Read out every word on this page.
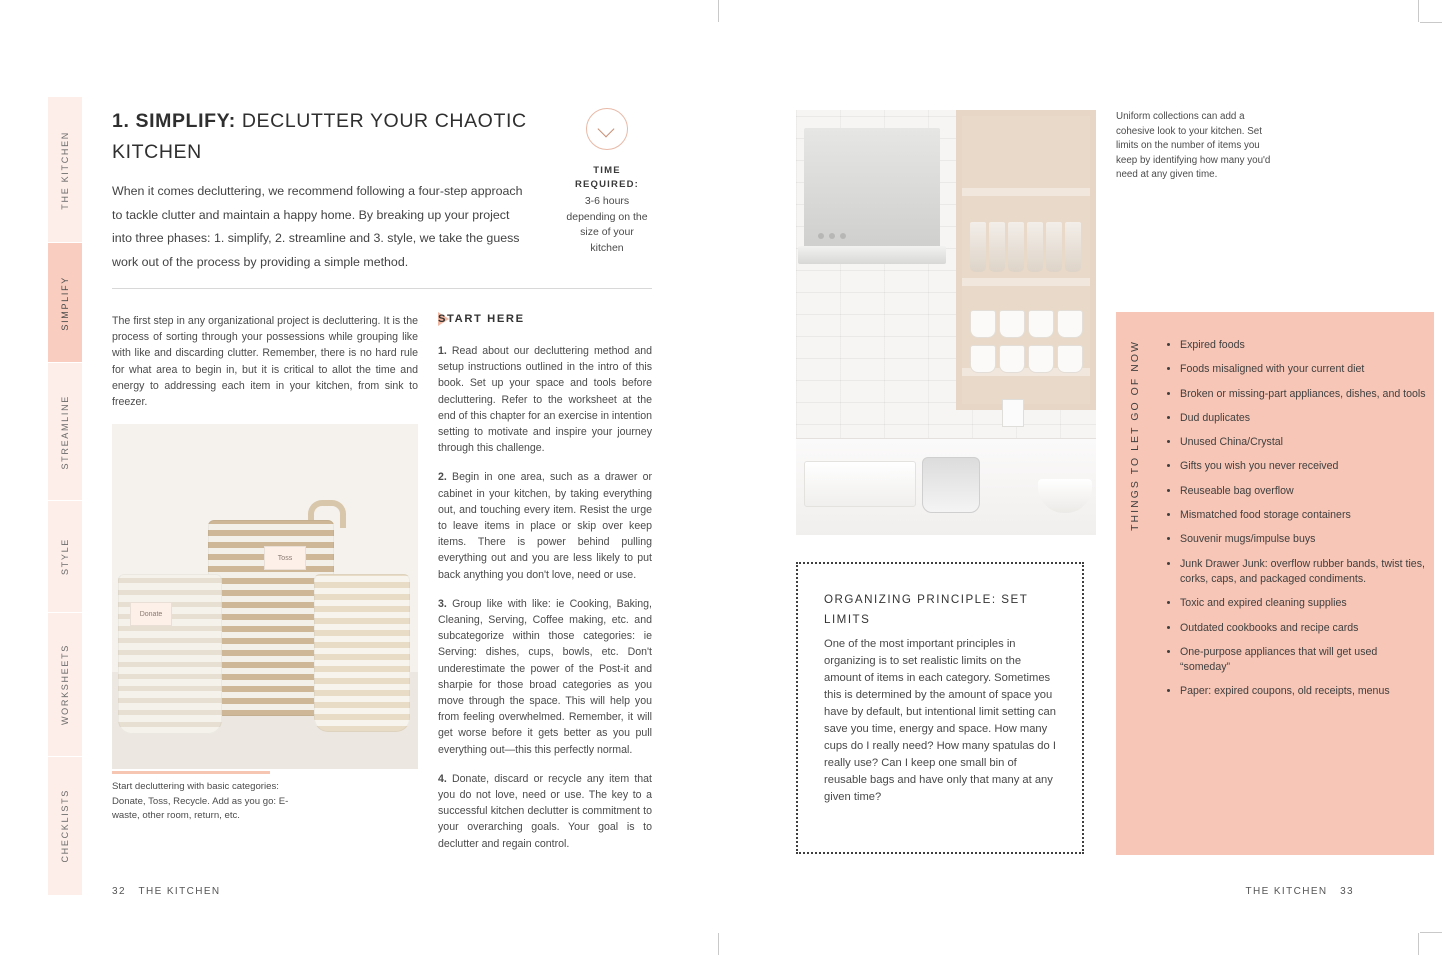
THE KITCHEN
SIMPLIFY
STREAMLINE
STYLE
WORKSHEETS
CHECKLISTS
1. SIMPLIFY: DECLUTTER YOUR CHAOTIC KITCHEN
TIME REQUIRED:
3-6 hours depending on the size of your kitchen
When it comes decluttering, we recommend following a four-step approach to tackle clutter and maintain a happy home. By breaking up your project into three phases: 1. simplify, 2. streamline and 3. style, we take the guess work out of the process by providing a simple method.
The first step in any organizational project is decluttering. It is the process of sorting through your possessions while grouping like with like and discarding clutter. Remember, there is no hard rule for what area to begin in, but it is critical to allot the time and energy to addressing each item in your kitchen, from sink to freezer.
Toss
Donate
Start decluttering with basic categories: Donate, Toss, Recycle. Add as you go: E-waste, other room, return, etc.
START HERE

1. Read about our decluttering method and setup instructions outlined in the intro of this book. Set up your space and tools before decluttering. Refer to the worksheet at the end of this chapter for an exercise in intention setting to motivate and inspire your journey through this challenge.

2. Begin in one area, such as a drawer or cabinet in your kitchen, by taking everything out, and touching every item. Resist the urge to leave items in place or skip over keep items. There is power behind pulling everything out and you are less likely to put back anything you don't love, need or use.

3. Group like with like: ie Cooking, Baking, Cleaning, Serving, Coffee making, etc. and subcategorize within those categories: ie Serving: dishes, cups, bowls, etc. Don't underestimate the power of the Post-it and sharpie for those broad categories as you move through the space. This will help you from feeling overwhelmed. Remember, it will get worse before it gets better as you pull everything out—this this perfectly normal.

4. Donate, discard or recycle any item that you do not love, need or use. The key to a successful kitchen declutter is commitment to your overarching goals. Your goal is to declutter and regain control.

32 THE KITCHEN
Uniform collections can add a cohesive look to your kitchen. Set limits on the number of items you keep by identifying how many you'd need at any given time.
THINGS TO LET GO OF NOW	• Expired foods
• Foods misaligned with your current diet
• Broken or missing-part appliances, dishes, and tools
• Dud duplicates
• Unused China/Crystal
• Gifts you wish you never received
• Reuseable bag overflow
• Mismatched food storage containers
• Souvenir mugs/impulse buys
• Junk Drawer Junk: overflow rubber bands, twist ties, corks, caps, and packaged condiments.
• Toxic and expired cleaning supplies
• Outdated cookbooks and recipe cards
• One-purpose appliances that will get used “someday”
• Paper: expired coupons, old receipts, menus
ORGANIZING PRINCIPLE: SET LIMITS
One of the most important principles in organizing is to set realistic limits on the amount of items in each category. Sometimes this is determined by the amount of space you have by default, but intentional limit setting can save you time, energy and space. How many cups do I really need? How many spatulas do I really use? Can I keep one small bin of reusable bags and have only that many at any given time?
THE KITCHEN 33
